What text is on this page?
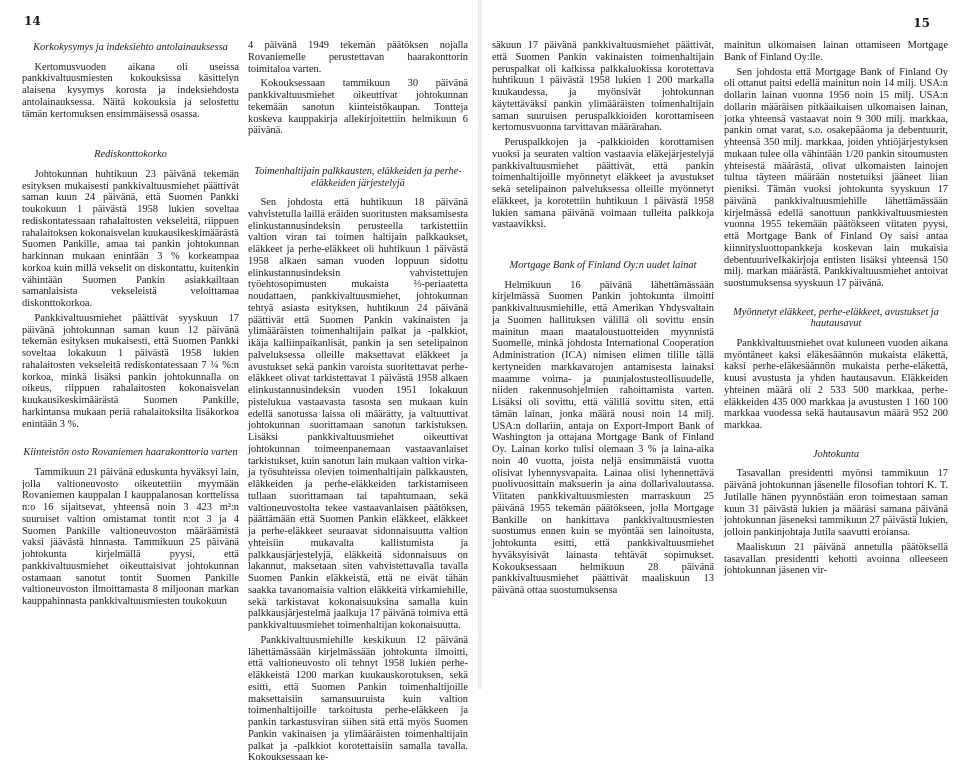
14
Korkokysymys ja indeksiehto antolainauksessa

Kertomusvuoden aikana oli useissa pankkivaltuusmiesten kokouksissa käsittelyn alaisena kysymys korosta ja indeksiehdosta antolainauksessa. Näitä kokouksia ja selostettu tämän kertomuksen ensimmäisessä osassa.

Rediskonttokorko

Johtokunnan huhtikuun 23 päivänä tekemän esityksen mukaisesti pankkivaltuusmiehet päättivät saman kuun 24 päivänä, että Suomen Pankki toukokuun 1 päivästä 1958 lukien soveltaa rediskontatessaan rahalaitosten vekseleitä, riippuen rahalaitoksen kokonaisvelan kuukausikeskimäärästä Suomen Pankille, amaa tai pankin johtokunnan harkinnan mukaan enintään 3 % korkeampaa korkoa kuin millä vekselit on diskontattu, kuitenkin vähintään Suomen Pankin asiakkailtaan samanlaisista vekseleistä veloittamaa diskonttokorkoa.

Pankkivaltuusmiehet päättivät syyskuun 17 päivänä johtokunnan saman kuun 12 päivänä tekemän esityksen mukaisesti, että Suomen Pankki soveltaa lokakuun 1 päivästä 1958 lukien rahalaitosten vekseleitä rediskontatessaan 7 ¼ %:n korkoa, minkä lisäksi pankin johtokunnalla on oikeus, riippuen rahalaitosten kokonaisvelan kuukausikeskimäärästä Suomen Pankille, harkintansa mukaan periä rahalaitoksilta lisäkorkoa enintään 3 %.

Kiinteistön osto Rovaniemen haarakonttoria varten

Tammikuun 21 päivänä eduskunta hyväksyi lain, jolla valtioneuvosto oikeutettiin myymään Rovaniemen kauppalan I kauppalanosan korttelissa n:o 16 sijaitsevat, yhteensä noin 3 423 m²:n suuruiset valtion omistamat tontit n:ot 3 ja 4 Suomen Pankille valtioneuvoston määräämistä vaksi jäävästä hinnasta. Tammikuun 25 päivänä johtokunta kirjelmällä pyysi, että pankkivaltuusmiehet oikeuttaisivat johtokunnan ostamaan sanotut tontit Suomen Pankille valtioneuvoston ilmoittamasta 8 miljoonan markan kauppahinnasta pankkivaltuusmiesten toukokuun

4 päivänä 1949 tekemän päätöksen nojalla Rovaniemelle perustettavan haarakonttorin toimitaloa varten.

Kokouksessaan tammikuun 30 päivänä pankkivaltuusmiehet oikeuttivat johtokunnan tekemään sanotun kiinteistökaupan. Tontteja koskeva kauppakirja allekirjoitettiin helmikuun 6 päivänä.

Toimenhaltijain palkkausten, eläkkeiden ja perhe-eläkkeiden järjestelyjä

Sen johdosta että huhtikuun 18 päivänä vahvistetulla laillä eräiden suoritusten maksamisesta elinkustannusindeksin perusteella tarkistettiin valtion viran tai toimen haltijain palkkaukset, eläkkeet ja perhe-eläkkeet oli huhtikuun 1 päivästä 1958 alkaen saman vuoden loppuun sidottu elinkustannusindeksin vahvistettujen työehtosopimusten mukaista ⅔-periaatetta noudattaen, pankkivaltuusmiehet, johtokunnan tehtyä asiasta esityksen, huhtikuun 24 päivänä päättivät että Suomen Pankin vakinaisten ja ylimääräisten toimenhaltijain palkat ja -palkkiot, ikäja kalliinpaikanlisät, pankin ja sen setelipainon palveluksessa olleille maksettavat eläkkeet ja avustukset sekä pankin varoista suoritettavat perhe-eläkkeet olivat tarkistettavat 1 päivästä 1958 alkaen elinkustannusindeksin vuoden 1951 lokakuun pistelukua vastaavasta tasosta sen mukaan kuin edellä sanotussa laissa oli määrätty, ja valtuuttivat johtokunnan suorittamaan sanotun tarkistuksen. Lisäksi pankkivaltuusmiehet oikeuttivat johtokunnan toimeenpanemaan vastaavanlaiset tarkistukset, kuin sanotun lain mukaan valtion virka- ja työsuhteissa olevien toimenhaltijain palkkausten, eläkkeiden ja perhe-eläkkeiden tarkistamiseen tullaan suorittamaan tai tapahtumaan, sekä valtioneuvostolta tekee vastaavanlaisen päätöksen, päättämään että Suomen Pankin eläkkeet, eläkkeet ja perhe-eläkkeet seuraavat sidonnaisuutta valtion yhteisiin mukavalta kallistumista ja palkkausjärjestelyjä, eläkkeitä sidonnaisuus on lakannut, maksetaan siten vahvistettavalla tavalla Suomen Pankin eläkkeistä, että ne eivät tähän saakka tavanomaisia valtion eläkkeitä virkamiehille, sekä tarkistavat kokonaisuuksina samalla kuin palkkausjärjestelmä jaalkuja 17 päivänä toimiva että pankkivaltuusmiehet toimenhaltijan kokonaisuutta.

Pankkivaltuusmiehille keskikuun 12 päivänä lähettämässään kirjelmässään johtokunta ilmoitti, että valtioneuvosto oli tehnyt 1958 lukien perhe-eläkkeistä 1200 markan kuukauskorotuksen, sekä esitti, että Suomen Pankin toimenhaltijoille maksettaisiin samansuuruista kuin valtion toimenhaltijoille tarkoitusta perhe-eläkkeen ja pankin tarkastusviran siihen sitä että myös Suomen Pankin vakinaisen ja ylimääräisten toimenhaltijain palkat ja -palkkiot korotettaisiin samalla tavalla. Kokouksessaan ke-

15

säkuun 17 päivänä pankkivaltuusmiehet päättivät, että Suomen Pankin vakinaisten toimenhaltijain peruspalkat oli kaikissa palkkaluokissa korotettava huhtikuun 1 päivästä 1958 lukien 1 200 markalla kuukaudessa, ja myönsivät johtokunnan käytettäväksi pankin ylimääräisten toimenhaltijain saman suuruisen peruspalkkioiden korottamiseen kertomusvuonna tarvittavan määrärahan.

Peruspalkkojen ja -palkkioiden korottamisen vuoksi ja seuraten valtion vastaavia eläkejärjestelyjä pankkivaltuusmiehet päättivät, että pankin toimenhaltijoille myönnetyt eläkkeet ja avustukset sekä setelipainon palveluksessa olleille myönnetyt eläkkeet, ja korotettiin huhtikuun 1 päivästä 1958 lukien samana päivänä voimaan tulleita palkkoja vastaavikksi.

Mortgage Bank of Finland Oy:n uudet lainat

Helmikuun 16 päivänä lähettämässään kirjelmässä Suomen Pankin johtokunta ilmoitti pankkivaltuusmiehille, että Amerikan Yhdysvaltain ja Suomen hallituksen välillä oli sovittu ensin mainitun maan maataloustuotteiden myynnistä Suomelle, minkä johdosta International Cooperation Administration (ICA) nimisen elimen tilille tällä kertyneiden markkavarojen antamisesta lainaksi maamme voima- ja puunjalostusteollisuudelle, niiden rakennusohjelmien rahoittamista varten. Lisäksi oli sovittu, että välillä sovittu siten, että tämän lainan, jonka määrä nousi noin 14 milj. USA:n dollariin, antaja on Export-Import Bank of Washington ja ottajana Mortgage Bank of Finland Oy. Lainan korko tulisi olemaan 3 % ja laina-aika noin 40 vuotta, joista neljä ensimmäistä vuotta olisivat lyhennysvapaita. Lainaa olisi lyhennettävä puolivuosittain maksuerin ja aina dollarivaluutassa. Viitaten pankkivaltuusmiesten marraskuun 25 päivänä 1955 tekemän päätökseen, jolla Mortgage Bankille on hankittava pankkivaltuusmiesten suostumus ennen kuin se myöntää sen lainoitusta, johtokunta esitti, että pankkivaltuusmiehet hyväksyisivät lainasta tehtävät sopimukset. Kokouksessaan helmikuun 28 päivänä pankkivaltuusmiehet päättivät maaliskuun 13 päivänä ottaa suostumuksensa

mainitun ulkomaisen lainan ottamiseen Mortgage Bank of Finland Oy:lle.

Sen johdosta että Mortgage Bank of Finland Oy oli ottanut paitsi edellä mainitun noin 14 milj. USA:n dollarin lainan vuonna 1956 noin 15 milj. USA:n dollarin määräisen pitkäaikaisen ulkomaisen lainan, jotka yhteensä vastaavat noin 9 300 milj. markkaa, pankin omat varat, s.o. osakepääoma ja debentuurit, yhteensä 350 milj. markkaa, joiden yhtiöjärjestyksen mukaan tulee olla vähintään 1/20 pankin sitoumusten yhteisestä määrästä, olivat ulkomaisten lainojen tultua täyteen määrään nostetuiksi jääneet liian pieniksi. Tämän vuoksi johtokunta syyskuun 17 päivänä pankkivaltuusmiehille lähettämässään kirjelmässä edellä sanottuun pankkivaltuusmiesten vuonna 1955 tekemään päätökseen viitaten pyysi, että Mortgage Bank of Finland Oy saisi antaa kiinnitysluottopankkeja koskevan lain mukaisia debentuuriveIkakirjoja entisten lisäksi yhteensä 150 milj. markan määrästä. Pankkivaltuusmiehet antoivat suostumuksensa syyskuun 17 päivänä.

Myönnetyt eläkkeet, perhe-eläkkeet, avustukset ja hautausavut

Pankkivaltuusmiehet ovat kuluneen vuoden aikana myöntäneet kaksi eläkesäännön mukaista eläkettä, kaksi perhe-eläkesäännön mukaista perhe-eläkettä, kuusi avustusta ja yhden hautausavun. Eläkkeiden yhteinen määrä oli 2 533 500 markkaa, perhe-eläkkeiden 435 000 markkaa ja avustusten 1 160 100 markkaa vuodessa sekä hautausavun määrä 952 200 markkaa.

Johtokunta

Tasavallan presidentti myönsi tammikuun 17 päivänä johtokunnan jäsenelle filosofian tohtori K. T. Jutilalle hänen pyynnöstään eron toimestaan saman kuun 31 päivästä lukien ja määräsi samana päivänä johtokunnan jäseneksi tammikuun 27 päivästä lukien, jolloin pankinjohtaja Jutila saavutti eroiansa.

Maaliskuun 21 päivänä annetulla päätöksellä tasavallan presidentti kehotti avoinna olleeseen johtokunnan jäsenen vir-
